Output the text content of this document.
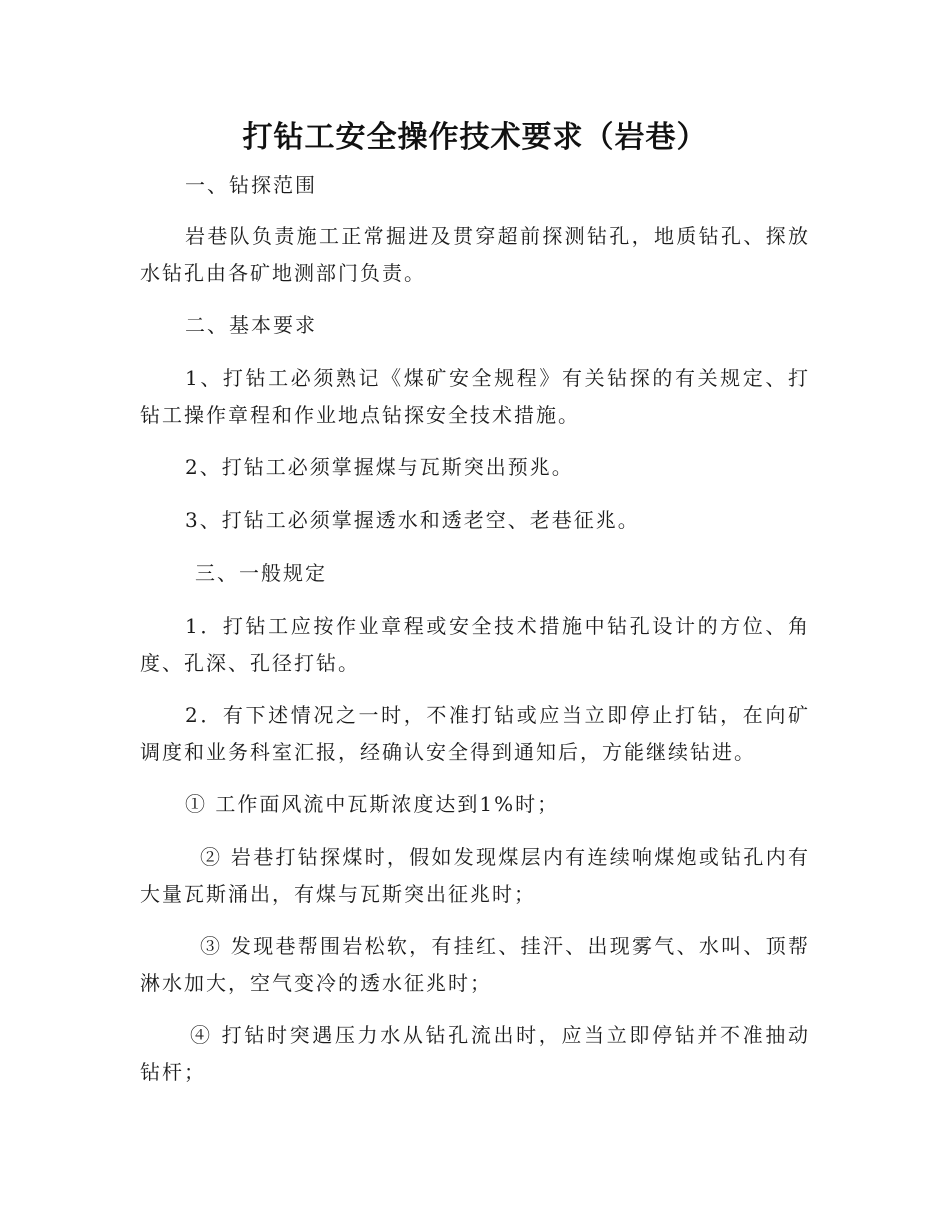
打钻工安全操作技术要求（岩巷）

一、钻探范围

岩巷队负责施工正常掘进及贯穿超前探测钻孔，地质钻孔、探放水钻孔由各矿地测部门负责。

二、基本要求

1、打钻工必须熟记《煤矿安全规程》有关钻探的有关规定、打钻工操作章程和作业地点钻探安全技术措施。

2、打钻工必须掌握煤与瓦斯突出预兆。

3、打钻工必须掌握透水和透老空、老巷征兆。

三、一般规定

1．打钻工应按作业章程或安全技术措施中钻孔设计的方位、角度、孔深、孔径打钻。

2．有下述情况之一时，不准打钻或应当立即停止打钻，在向矿调度和业务科室汇报，经确认安全得到通知后，方能继续钻进。

① 工作面风流中瓦斯浓度达到1%时；

② 岩巷打钻探煤时，假如发现煤层内有连续响煤炮或钻孔内有大量瓦斯涌出，有煤与瓦斯突出征兆时；

③ 发现巷帮围岩松软，有挂红、挂汗、出现雾气、水叫、顶帮淋水加大，空气变冷的透水征兆时；

④ 打钻时突遇压力水从钻孔流出时，应当立即停钻并不准抽动钻杆；
